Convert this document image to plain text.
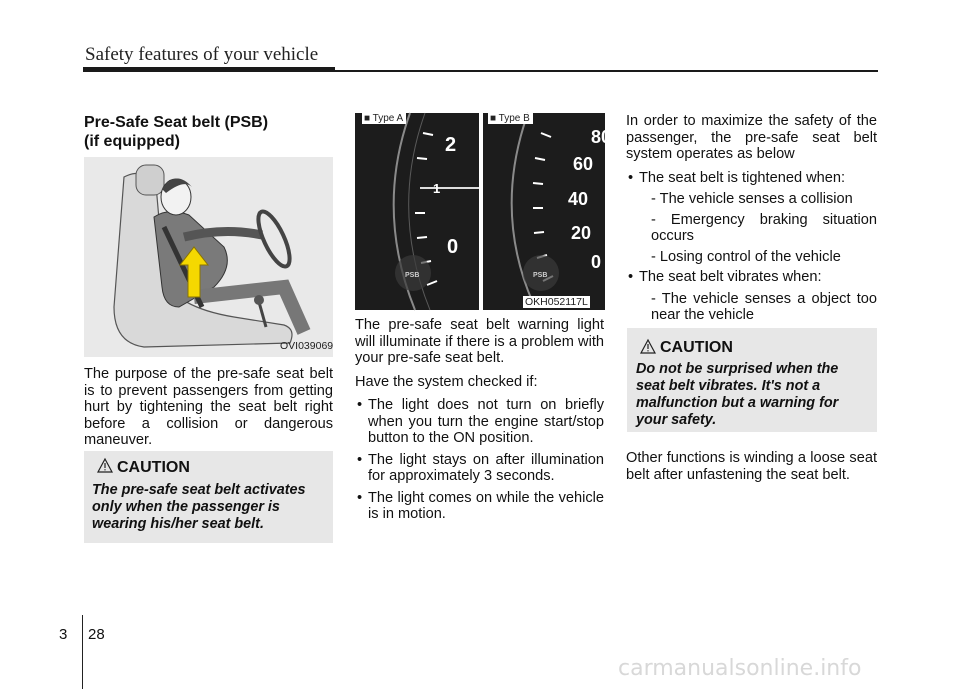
Safety features of your vehicle
Pre-Safe Seat belt (PSB)
(if equipped)
OVI039069
The purpose of the pre-safe seat belt is to prevent passengers from getting hurt by tightening the seat belt right before a collision or dangerous maneuver.
CAUTION
The pre-safe seat belt activates only when the passenger is wearing his/her seat belt.
PSB
2
1
0
■ Type A
PSB
80
60
40
20
0
■ Type B
OKH052117L

The pre-safe seat belt warning light will illuminate if there is a problem with your pre-safe seat belt.

Have the system checked if:

• The light does not turn on briefly when you turn the engine start/stop button to the ON position.
• The light stays on after illumination for approximately 3 seconds.
• The light comes on while the vehicle is in motion.

In order to maximize the safety of the passenger, the pre-safe seat belt system operates as below

• The seat belt is tightened when:
- The vehicle senses a collision
- Emergency braking situation occurs
- Losing control of the vehicle
• The seat belt vibrates when:
- The vehicle senses a object too near the vehicle
CAUTION
Do not be surprised when the seat belt vibrates. It's not a malfunction but a warning for your safety.
Other functions is winding a loose seat belt after unfastening the seat belt.
3 28
carmanualsonline.info
